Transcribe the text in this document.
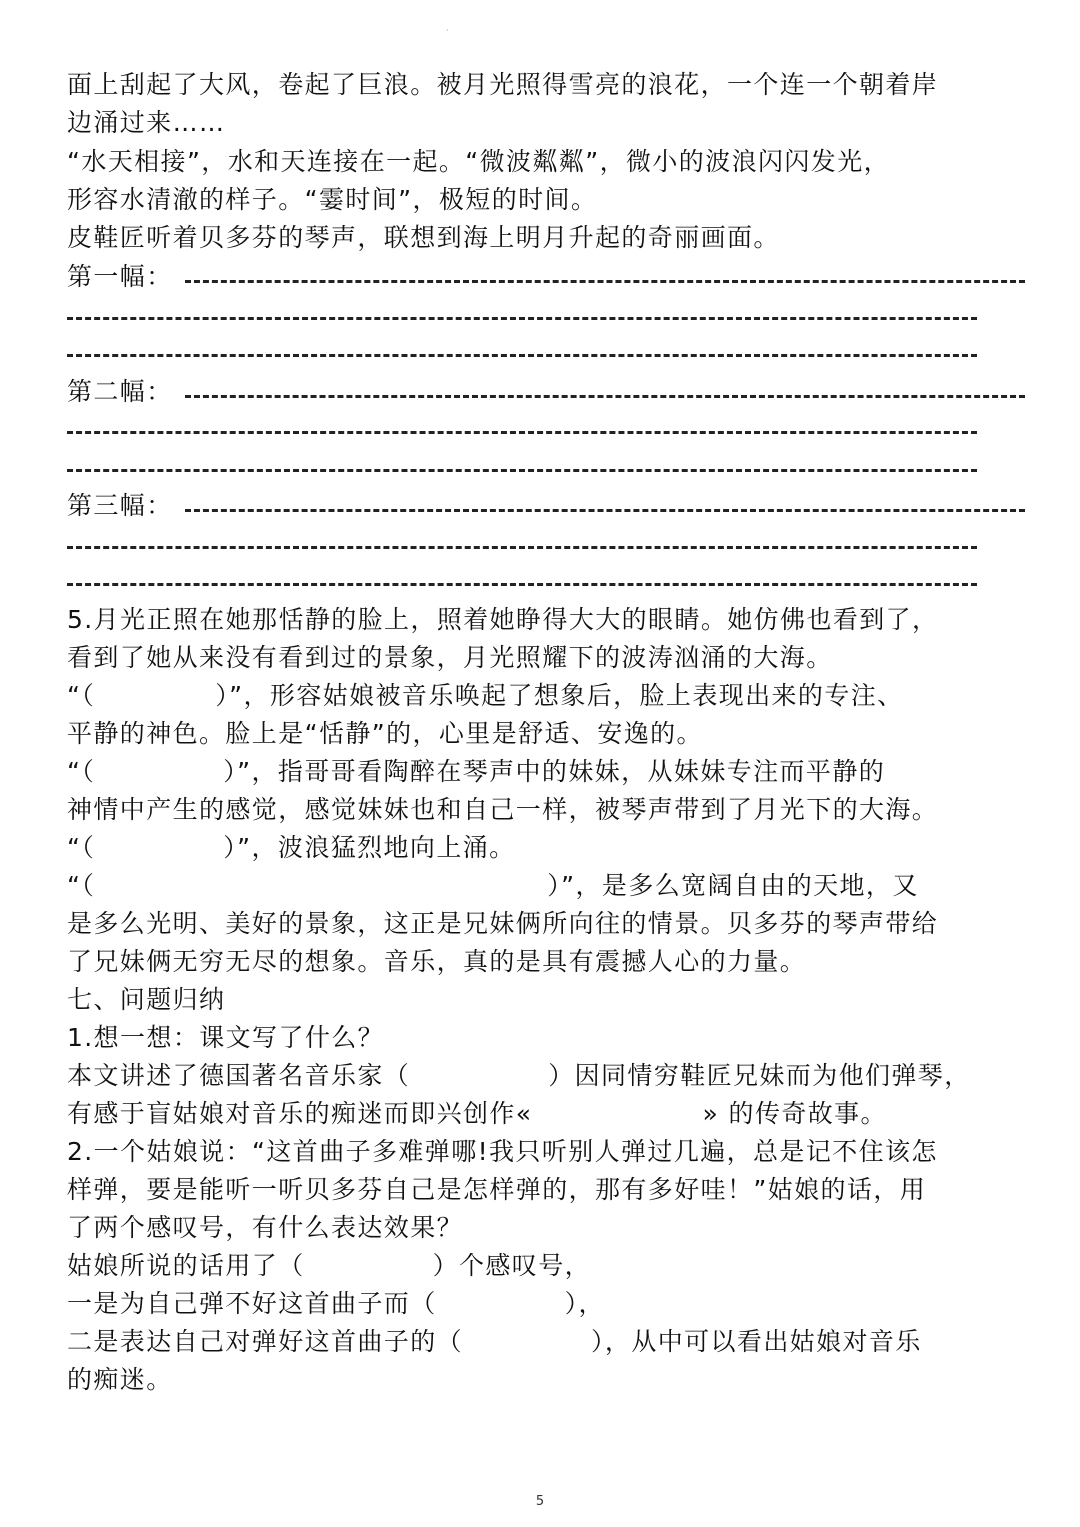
·
面上刮起了大风，卷起了巨浪。被月光照得雪亮的浪花，一个连一个朝着岸
边涌过来……
“水天相接”，水和天连接在一起。“微波粼粼”，微小的波浪闪闪发光，
形容水清澈的样子。“霎时间”，极短的时间。
皮鞋匠听着贝多芬的琴声，联想到海上明月升起的奇丽画面。
第一幅：
第二幅：
第三幅：
5.月光正照在她那恬静的脸上，照着她睁得大大的眼睛。她仿佛也看到了，
看到了她从来没有看到过的景象，月光照耀下的波涛汹涌的大海。
“（	）”，形容姑娘被音乐唤起了想象后，脸上表现出来的专注、
平静的神色。脸上是“恬静”的，心里是舒适、安逸的。
“（	）”，指哥哥看陶醉在琴声中的妹妹，从妹妹专注而平静的
神情中产生的感觉，感觉妹妹也和自己一样，被琴声带到了月光下的大海。
“（	）”，波浪猛烈地向上涌。
“（	）”，是多么宽阔自由的天地，又
是多么光明、美好的景象，这正是兄妹俩所向往的情景。贝多芬的琴声带给
了兄妹俩无穷无尽的想象。音乐，真的是具有震撼人心的力量。
七、问题归纳
1.想一想：课文写了什么？
本文讲述了德国著名音乐家（	）因同情穷鞋匠兄妹而为他们弹琴，
有感于盲姑娘对音乐的痴迷而即兴创作«	» 的传奇故事。
2.一个姑娘说：“这首曲子多难弹哪!我只听别人弹过几遍，总是记不住该怎
样弹，要是能听一听贝多芬自己是怎样弹的，那有多好哇！”姑娘的话，用
了两个感叹号，有什么表达效果？
姑娘所说的话用了（	）个感叹号，
一是为自己弹不好这首曲子而（	），
二是表达自己对弹好这首曲子的（	），从中可以看出姑娘对音乐
的痴迷。
5
